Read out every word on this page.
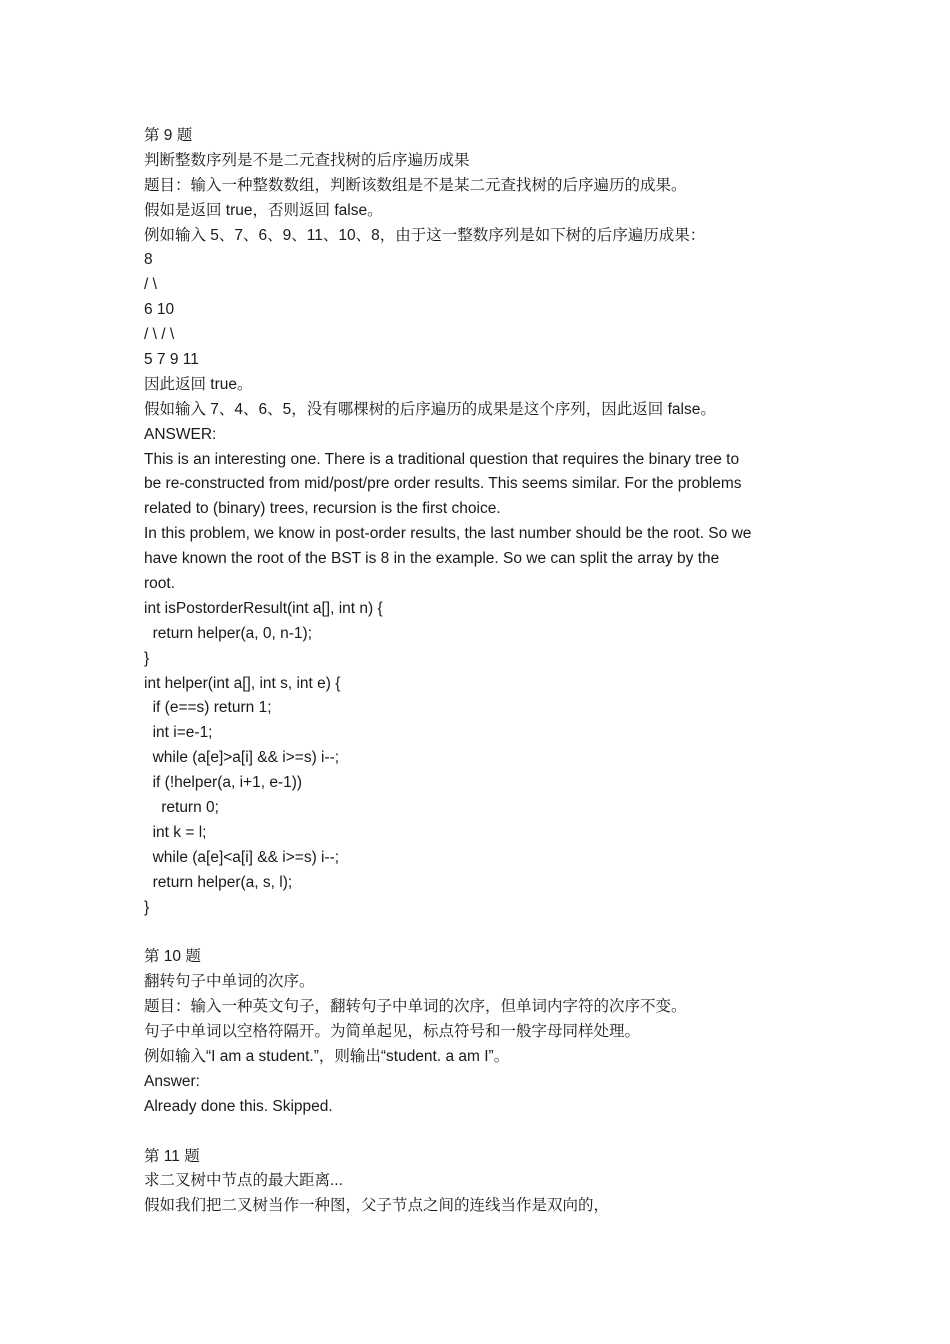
第 9 题
判断整数序列是不是二元查找树的后序遍历成果
题目：输入一种整数数组，判断该数组是不是某二元查找树的后序遍历的成果。
假如是返回 true，否则返回 false。
例如输入 5、7、6、9、11、10、8，由于这一整数序列是如下树的后序遍历成果：
8
/ \
6 10
/ \ / \
5 7 9 11
因此返回 true。
假如输入 7、4、6、5，没有哪棵树的后序遍历的成果是这个序列，因此返回 false。
ANSWER:
This is an interesting one. There is a traditional question that requires the binary tree to
be re-constructed from mid/post/pre order results. This seems similar. For the problems
related to (binary) trees, recursion is the first choice.
In this problem, we know in post-order results, the last number should be the root. So we
have known the root of the BST is 8 in the example. So we can split the array by the
root.
int isPostorderResult(int a[], int n) {
return helper(a, 0, n-1);
}
int helper(int a[], int s, int e) {
if (e==s) return 1;
int i=e-1;
while (a[e]>a[i] && i>=s) i--;
if (!helper(a, i+1, e-1))
return 0;
int k = l;
while (a[e]<a[i] && i>=s) i--;
return helper(a, s, l);
}
第 10 题
翻转句子中单词的次序。
题目：输入一种英文句子，翻转句子中单词的次序，但单词内字符的次序不变。
句子中单词以空格符隔开。为简单起见，标点符号和一般字母同样处理。
例如输入“I am a student.”，则输出“student. a am I”。
Answer:
Already done this. Skipped.
第 11 题
求二叉树中节点的最大距离...
假如我们把二叉树当作一种图，父子节点之间的连线当作是双向的，
